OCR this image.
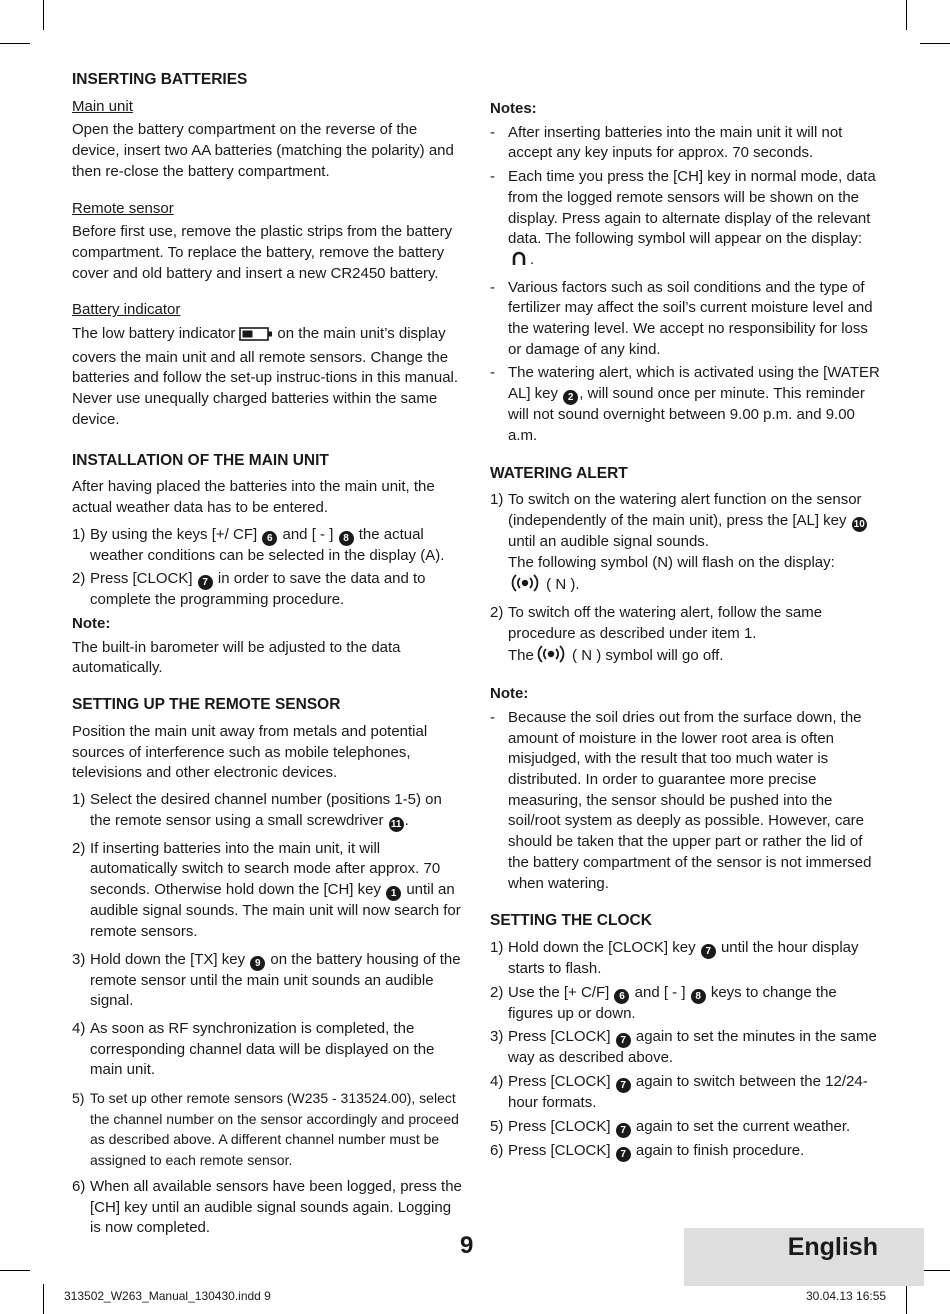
INSERTING BATTERIES
Main unit
Open the battery compartment on the reverse of the device, insert two AA batteries (matching the polarity) and then re-close the battery compartment.
Remote sensor
Before first use, remove the plastic strips from the battery compartment. To replace the battery, remove the battery cover and old battery and insert a new CR2450 battery.
Battery indicator
The low battery indicator	on the main unit’s display covers the main unit and all remote sensors. Change the batteries and follow the set-up instruc-tions in this manual. Never use unequally charged batteries within the same device.
INSTALLATION OF THE MAIN UNIT
After having placed the batteries into the main unit, the actual weather data has to be entered.
1) By using the keys [+/ CF] 6 and [ - ] 8 the actual weather conditions can be selected in the display (A).
2) Press [CLOCK] 7 in order to save the data and to complete the programming procedure.
Note:
The built-in barometer will be adjusted to the data automatically.
SETTING UP THE REMOTE SENSOR
Position the main unit away from metals and potential sources of interference such as mobile telephones, televisions and other electronic devices.
1) Select the desired channel number (positions 1-5) on the remote sensor using a small screwdriver 11 .
2) If inserting batteries into the main unit, it will automatically switch to search mode after approx. 70 seconds. Otherwise hold down the [CH] key 1 until an audible signal sounds. The main unit will now search for remote sensors.
3) Hold down the [TX] key 9 on the battery housing of the remote sensor until the main unit sounds an audible signal.
4) As soon as RF synchronization is completed, the corresponding channel data will be displayed on the main unit.
5) To set up other remote sensors (W235 - 313524.00), select the channel number on the sensor accordingly and proceed as described above. A different channel number must be assigned to each remote sensor.
6) When all available sensors have been logged, press the [CH] key until an audible signal sounds again. Logging is now completed.
Notes:
- After inserting batteries into the main unit it will not accept any key inputs for approx. 70 seconds.
- Each time you press the [CH] key in normal mode, data from the logged remote sensors will be shown on the display. Press again to alternate display of the relevant data. The following symbol will appear on the display: .
- Various factors such as soil conditions and the type of fertilizer may affect the soil’s current moisture level and the watering level. We accept no responsibility for loss or damage of any kind.
- The watering alert, which is activated using the [WATER AL] key 2 , will sound once per minute. This reminder will not sound overnight between 9.00 p.m. and 9.00 a.m.
WATERING ALERT
1) To switch on the watering alert function on the sensor (independently of the main unit), press the [AL] key 10 until an audible signal sounds.
The following symbol (N) will flash on the display:
( N ).
2) To switch off the watering alert, follow the same procedure as described under item 1.
The	( N ) symbol will go off.
Note:
- Because the soil dries out from the surface down, the amount of moisture in the lower root area is often misjudged, with the result that too much water is distributed. In order to guarantee more precise measuring, the sensor should be pushed into the soil/root system as deeply as possible. However, care should be taken that the upper part or rather the lid of the battery compartment of the sensor is not immersed when watering.
SETTING THE CLOCK
1) Hold down the [CLOCK] key 7 until the hour display starts to flash.
2) Use the [+ C/F] 6 and [ - ] 8 keys to change the figures up or down.
3) Press [CLOCK] 7 again to set the minutes in the same way as described above.
4) Press [CLOCK] 7 again to switch between the 12/24-hour formats.
5) Press [CLOCK] 7 again to set the current weather.
6) Press [CLOCK] 7 again to finish procedure.
9	English
313502_W263_Manual_130430.indd 9	30.04.13 16:55
